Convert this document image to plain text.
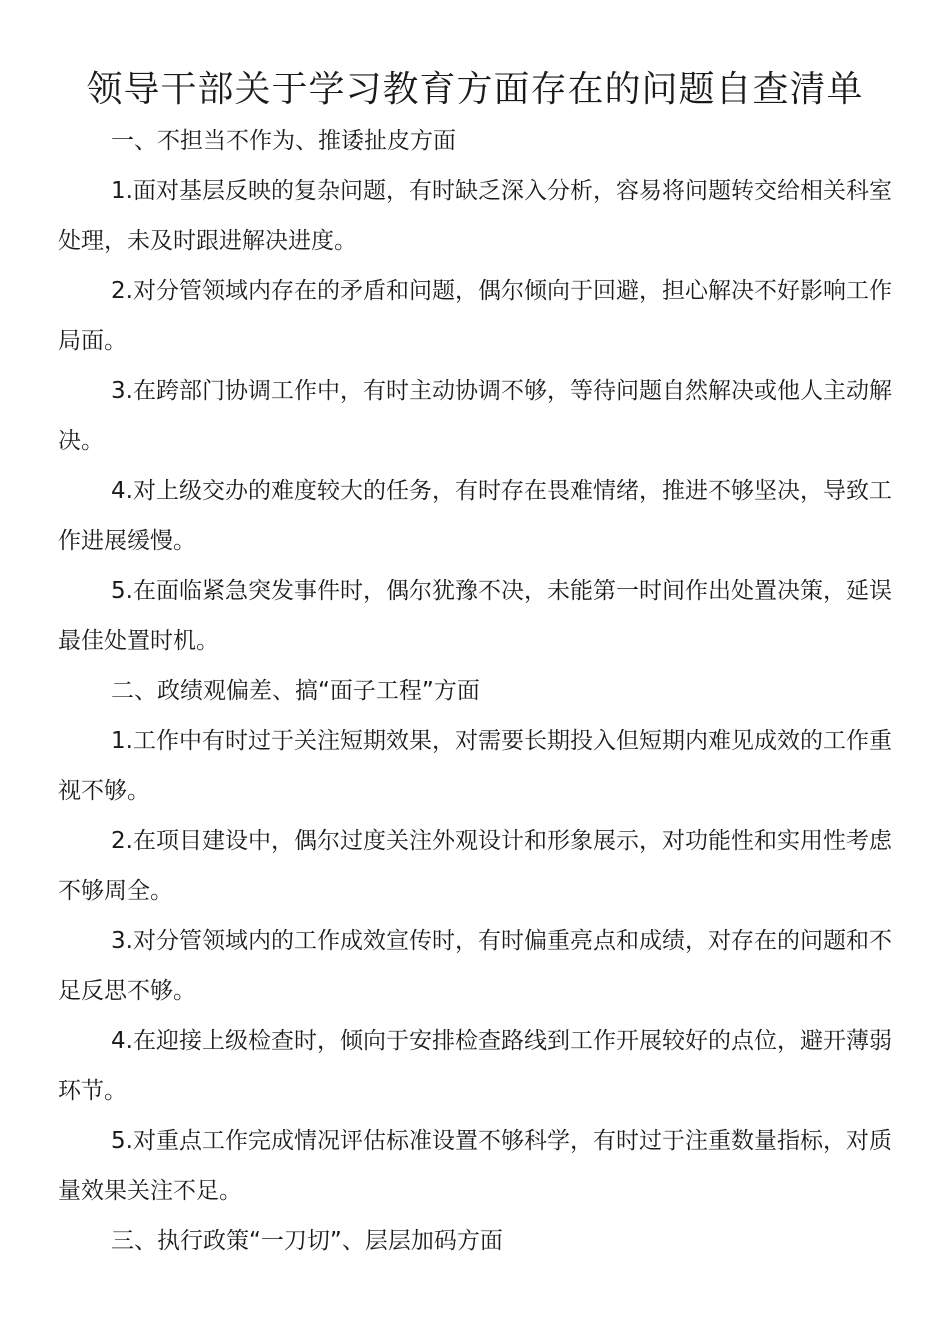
领导干部关于学习教育方面存在的问题自查清单

一、不担当不作为、推诿扯皮方面

1.面对基层反映的复杂问题，有时缺乏深入分析，容易将问题转交给相关科室处理，未及时跟进解决进度。

2.对分管领域内存在的矛盾和问题，偶尔倾向于回避，担心解决不好影响工作局面。

3.在跨部门协调工作中，有时主动协调不够，等待问题自然解决或他人主动解决。

4.对上级交办的难度较大的任务，有时存在畏难情绪，推进不够坚决，导致工作进展缓慢。

5.在面临紧急突发事件时，偶尔犹豫不决，未能第一时间作出处置决策，延误最佳处置时机。

二、政绩观偏差、搞“面子工程”方面

1.工作中有时过于关注短期效果，对需要长期投入但短期内难见成效的工作重视不够。

2.在项目建设中，偶尔过度关注外观设计和形象展示，对功能性和实用性考虑不够周全。

3.对分管领域内的工作成效宣传时，有时偏重亮点和成绩，对存在的问题和不足反思不够。

4.在迎接上级检查时，倾向于安排检查路线到工作开展较好的点位，避开薄弱环节。

5.对重点工作完成情况评估标准设置不够科学，有时过于注重数量指标，对质量效果关注不足。

三、执行政策“一刀切”、层层加码方面
